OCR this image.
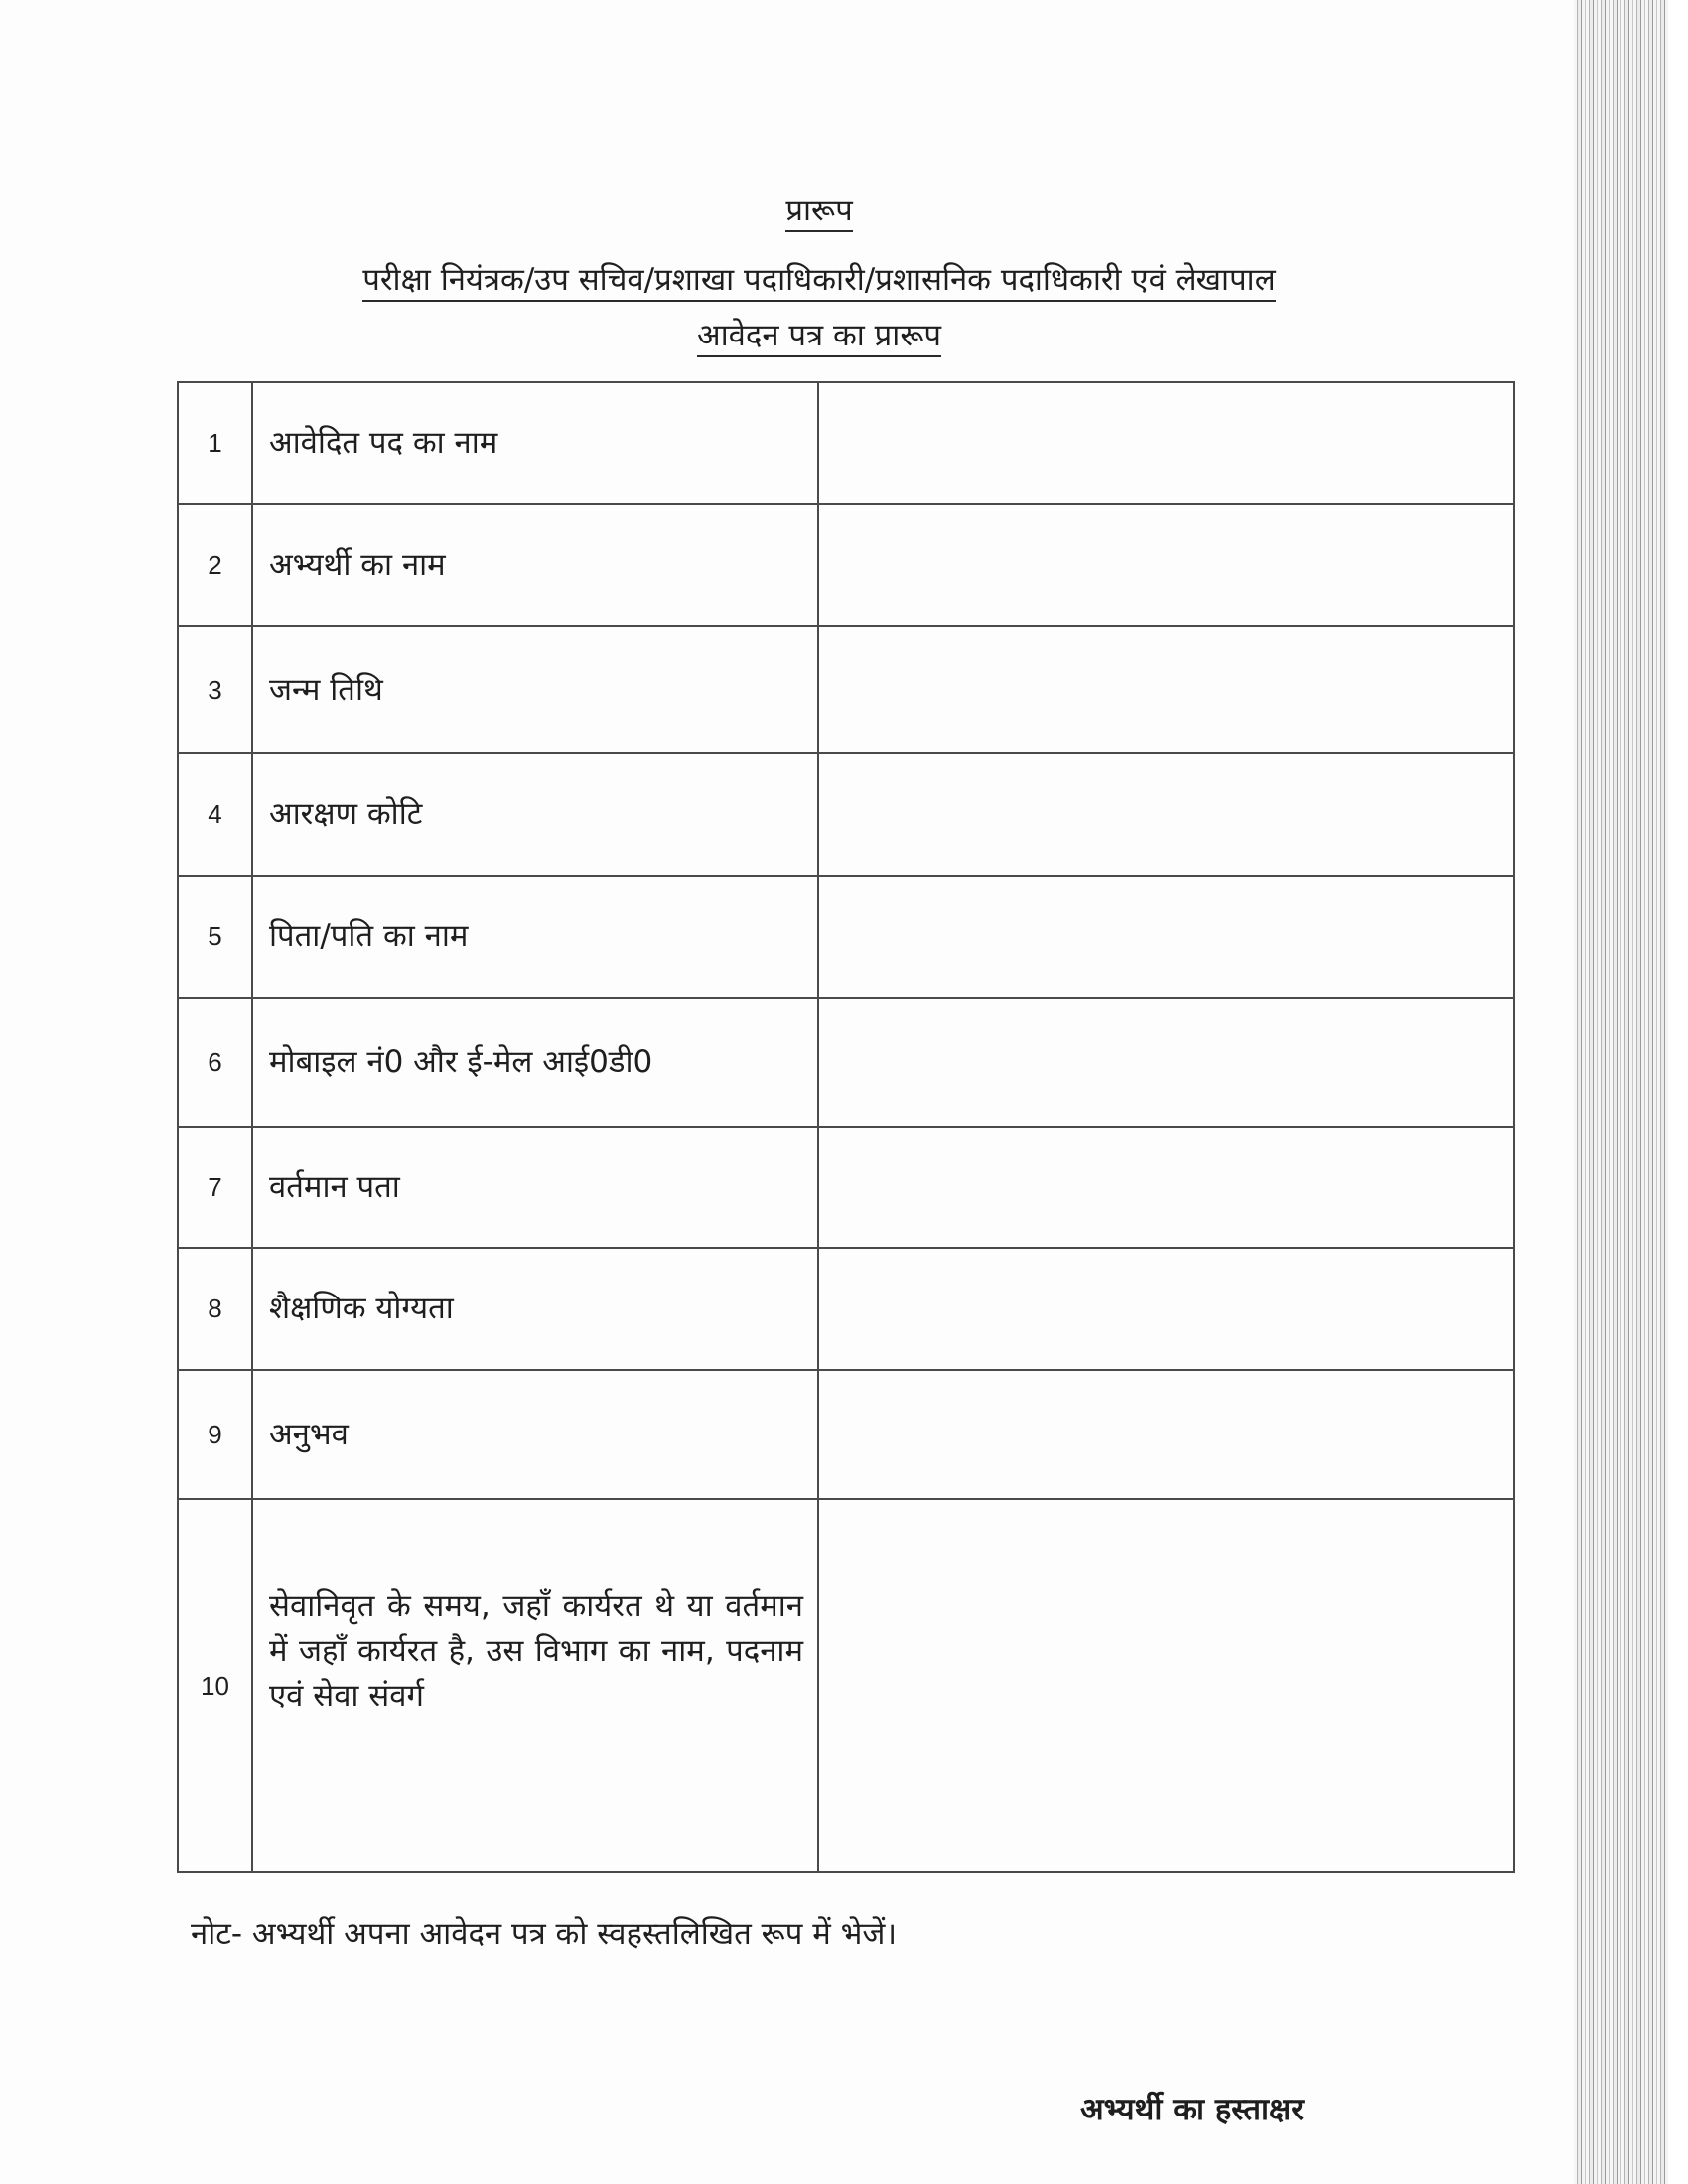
प्रारूप
परीक्षा नियंत्रक/उप सचिव/प्रशाखा पदाधिकारी/प्रशासनिक पदाधिकारी एवं लेखापाल
आवेदन पत्र का प्रारूप
1	आवेदित पद का नाम	
2	अभ्यर्थी का नाम	
3	जन्म तिथि	
4	आरक्षण कोटि	
5	पिता/पति का नाम	
6	मोबाइल नं0 और ई-मेल आई0डी0	
7	वर्तमान पता	
8	शैक्षणिक योग्यता	
9	अनुभव	
10	सेवानिवृत के समय, जहाँ कार्यरत थे या वर्तमान में जहाँ कार्यरत है, उस विभाग का नाम, पदनाम एवं सेवा संवर्ग	
नोट- अभ्यर्थी अपना आवेदन पत्र को स्वहस्तलिखित रूप में भेजें।
अभ्यर्थी का हस्ताक्षर
